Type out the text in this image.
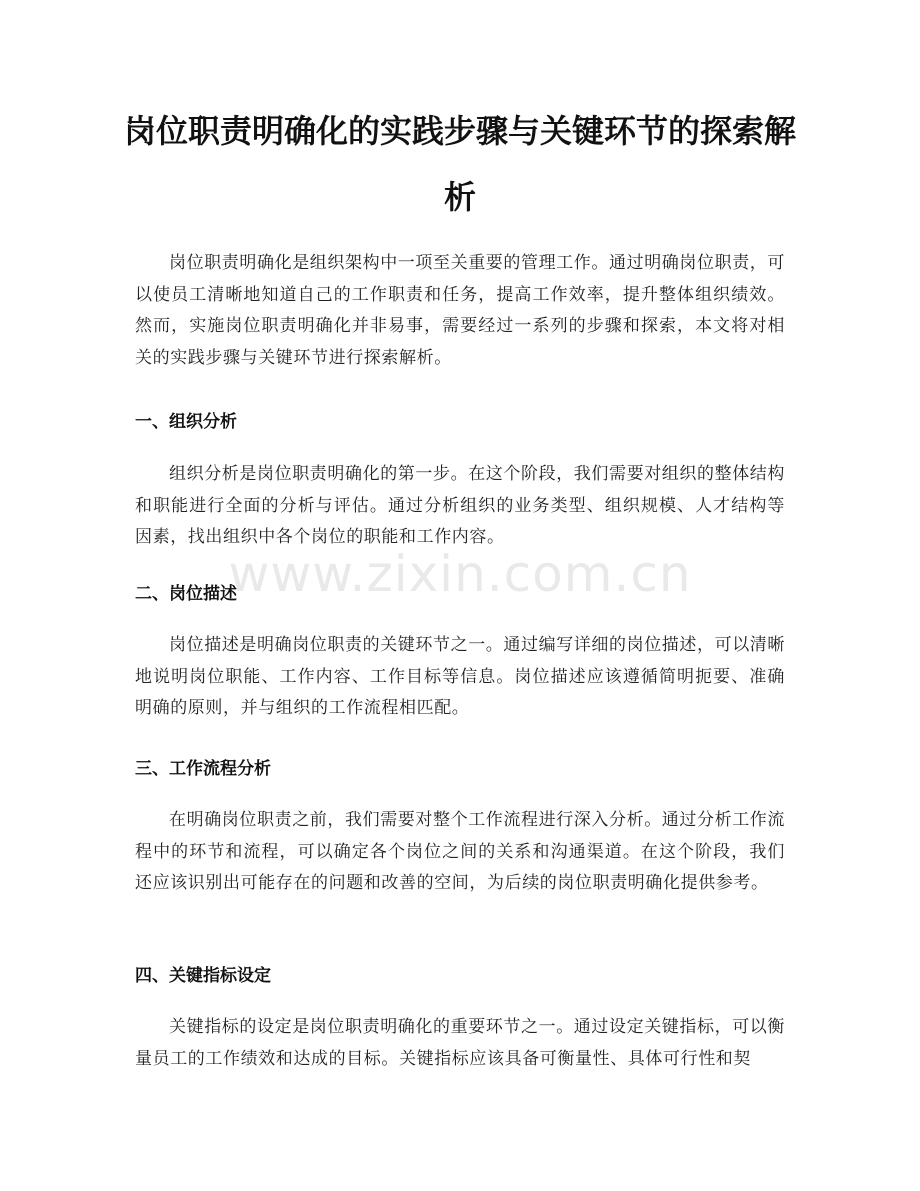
岗位职责明确化的实践步骤与关键环节的探索解析

岗位职责明确化是组织架构中一项至关重要的管理工作。通过明确岗位职责，可以使员工清晰地知道自己的工作职责和任务，提高工作效率，提升整体组织绩效。然而，实施岗位职责明确化并非易事，需要经过一系列的步骤和探索，本文将对相关的实践步骤与关键环节进行探索解析。

一、组织分析

组织分析是岗位职责明确化的第一步。在这个阶段，我们需要对组织的整体结构和职能进行全面的分析与评估。通过分析组织的业务类型、组织规模、人才结构等因素，找出组织中各个岗位的职能和工作内容。

二、岗位描述

岗位描述是明确岗位职责的关键环节之一。通过编写详细的岗位描述，可以清晰地说明岗位职能、工作内容、工作目标等信息。岗位描述应该遵循简明扼要、准确明确的原则，并与组织的工作流程相匹配。

三、工作流程分析

在明确岗位职责之前，我们需要对整个工作流程进行深入分析。通过分析工作流程中的环节和流程，可以确定各个岗位之间的关系和沟通渠道。在这个阶段，我们还应该识别出可能存在的问题和改善的空间，为后续的岗位职责明确化提供参考。

四、关键指标设定

关键指标的设定是岗位职责明确化的重要环节之一。通过设定关键指标，可以衡量员工的工作绩效和达成的目标。关键指标应该具备可衡量性、具体可行性和契

www.zixin.com.cn
